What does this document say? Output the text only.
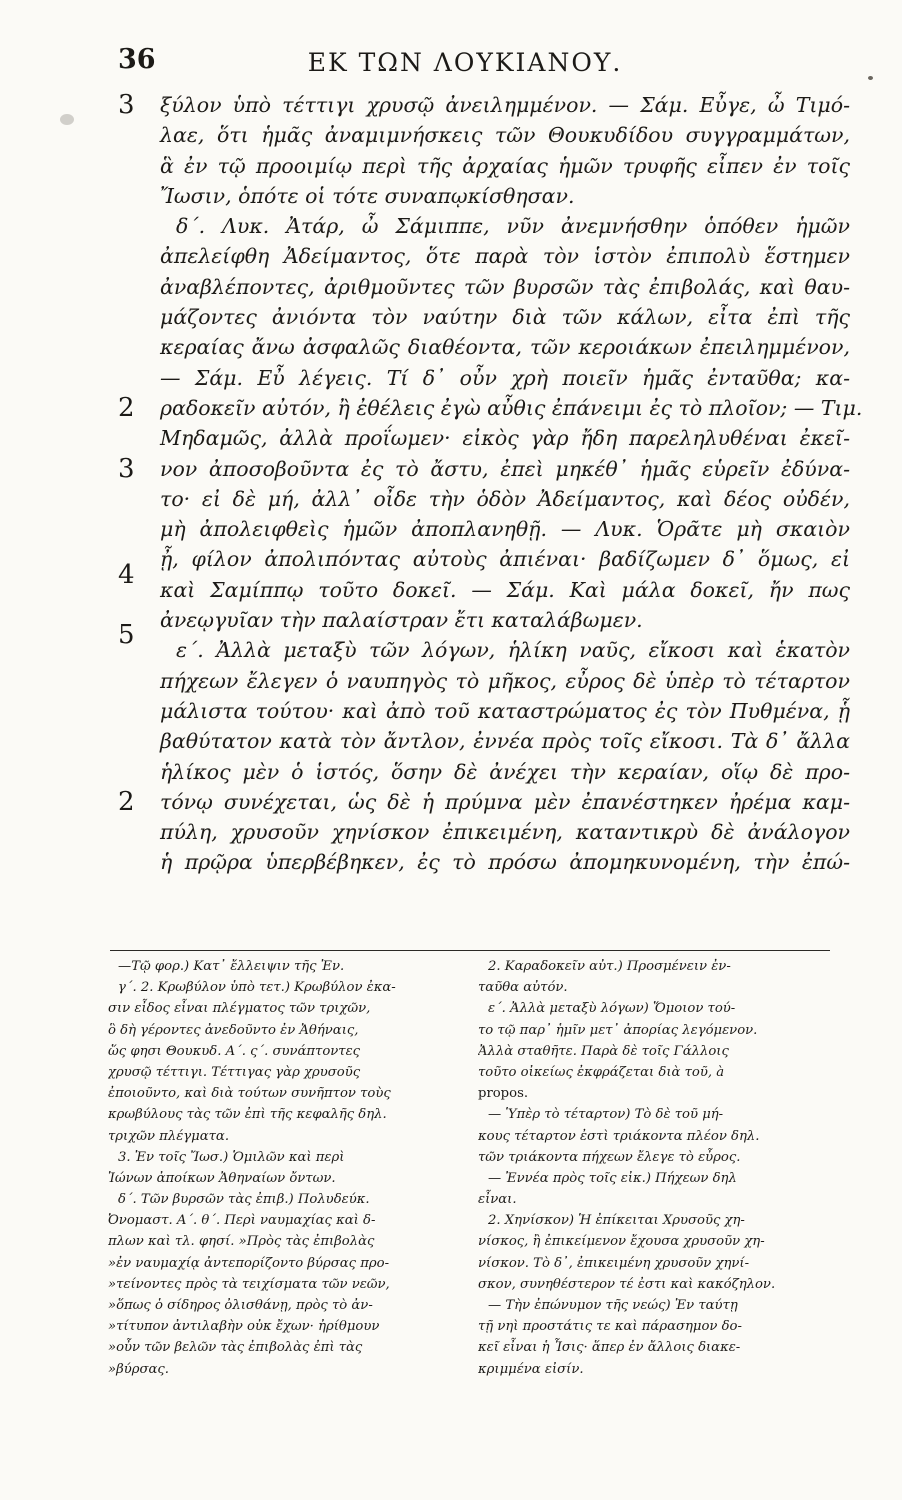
36	ΕΚ ΤΩΝ ΛΟΥΚΙΑΝΟΥ.
3
2
3
4
5
2
ξύλον ὑπὸ τέττιγι χρυσῷ ἀνειλημμένον. — Σάμ. Εὖγε, ὦ Τιμό-
λαε, ὅτι ἡμᾶς ἀναμιμνήσκεις τῶν Θουκυδίδου συγγραμμάτων,
ἃ ἐν τῷ προοιμίῳ περὶ τῆς ἀρχαίας ἡμῶν τρυφῆς εἶπεν ἐν τοῖς
Ἴωσιν, ὁπότε οἱ τότε συναπῳκίσθησαν.
δ΄. Λυκ. Ἀτάρ, ὦ Σάμιππε, νῦν ἀνεμνήσθην ὁπόθεν ἡμῶν
ἀπελείφθη Ἀδείμαντος, ὅτε παρὰ τὸν ἱστὸν ἐπιπολὺ ἕστημεν
ἀναβλέποντες, ἀριθμοῦντες τῶν βυρσῶν τὰς ἐπιβολάς, καὶ θαυ-
μάζοντες ἀνιόντα τὸν ναύτην διὰ τῶν κάλων, εἶτα ἐπὶ τῆς
κεραίας ἄνω ἀσφαλῶς διαθέοντα, τῶν κεροιάκων ἐπειλημμένον,
— Σάμ. Εὖ λέγεις. Τί δ᾽ οὖν χρὴ ποιεῖν ἡμᾶς ἐνταῦθα; κα-
ραδοκεῖν αὐτόν, ἢ ἐθέλεις ἐγὼ αὖθις ἐπάνειμι ἐς τὸ πλοῖον; — Τιμ.
Μηδαμῶς, ἀλλὰ προΐωμεν· εἰκὸς γὰρ ἤδη παρεληλυθέναι ἐκεῖ-
νον ἀποσοβοῦντα ἐς τὸ ἄστυ, ἐπεὶ μηκέθ᾽ ἡμᾶς εὑρεῖν ἐδύνα-
το· εἰ δὲ μή, ἀλλ᾽ οἶδε τὴν ὁδὸν Ἀδείμαντος, καὶ δέος οὐδέν,
μὴ ἀπολειφθεὶς ἡμῶν ἀποπλανηθῇ. — Λυκ. Ὁρᾶτε μὴ σκαιὸν
ᾖ, φίλον ἀπολιπόντας αὐτοὺς ἀπιέναι· βαδίζωμεν δ᾽ ὅμως, εἰ
καὶ Σαμίππῳ τοῦτο δοκεῖ. — Σάμ. Καὶ μάλα δοκεῖ, ἤν πως
ἀνεῳγυῖαν τὴν παλαίστραν ἔτι καταλάβωμεν.
ε΄. Ἀλλὰ μεταξὺ τῶν λόγων, ἡλίκη ναῦς, εἴκοσι καὶ ἑκατὸν
πήχεων ἔλεγεν ὁ ναυπηγὸς τὸ μῆκος, εὖρος δὲ ὑπὲρ τὸ τέταρτον
μάλιστα τούτου· καὶ ἀπὸ τοῦ καταστρώματος ἐς τὸν Πυθμένα, ᾗ
βαθύτατον κατὰ τὸν ἄντλον, ἐννέα πρὸς τοῖς εἴκοσι. Τὰ δ᾽ ἄλλα
ἡλίκος μὲν ὁ ἱστός, ὅσην δὲ ἀνέχει τὴν κεραίαν, οἵῳ δὲ προ-
τόνῳ συνέχεται, ὡς δὲ ἡ πρύμνα μὲν ἐπανέστηκεν ἠρέμα καμ-
πύλη, χρυσοῦν χηνίσκον ἐπικειμένη, καταντικρὺ δὲ ἀνάλογον
ἡ πρῷρα ὑπερβέβηκεν, ἐς τὸ πρόσω ἀπομηκυνομένη, τὴν ἐπώ-
—Τῷ φορ.) Κατ᾽ ἔλλειψιν τῆς Ἐν.
γ΄. 2. Κρωβύλον ὑπὸ τετ.) Κρωβύλον ἐκα-
σιν εἶδος εἶναι πλέγματος τῶν τριχῶν,
ὃ δὴ γέροντες ἀνεδοῦντο ἐν Ἀθήναις,
ὥς φησι Θουκυδ. Α΄. ς΄. συνάπτοντες
χρυσῷ τέττιγι. Τέττιγας γὰρ χρυσοῦς
ἐποιοῦντο, καὶ διὰ τούτων συνῆπτον τοὺς
κρωβύλους τὰς τῶν ἐπὶ τῆς κεφαλῆς δηλ.
τριχῶν πλέγματα.
3. Ἐν τοῖς Ἴωσ.) Ὁμιλῶν καὶ περὶ
Ἰώνων ἀποίκων Ἀθηναίων ὄντων.
δ΄. Τῶν βυρσῶν τὰς ἐπιβ.) Πολυδεύκ.
Ὀνομαστ. Α΄. θ΄. Περὶ ναυμαχίας καὶ δ-
πλων καὶ τλ. φησί. »Πρὸς τὰς ἐπιβολὰς
»ἐν ναυμαχίᾳ ἀντεπορίζοντο βύρσας προ-
»τείνοντες πρὸς τὰ τειχίσματα τῶν νεῶν,
»ὅπως ὁ σίδηρος ὀλισθάνῃ, πρὸς τὸ ἀν-
»τίτυπον ἀντιλαβὴν οὐκ ἔχων· ἠρίθμουν
»οὖν τῶν βελῶν τὰς ἐπιβολὰς ἐπὶ τὰς
»βύρσας.
2. Καραδοκεῖν αὐτ.) Προσμένειν ἐν-
ταῦθα αὐτόν.
ε΄. Ἀλλὰ μεταξὺ λόγων) Ὅμοιον τού-
το τῷ παρ᾽ ἡμῖν μετ᾽ ἀπορίας λεγόμενον.
Ἀλλὰ σταθῆτε. Παρὰ δὲ τοῖς Γάλλοις
τοῦτο οἰκείως ἐκφράζεται διὰ τοῦ, à
propos.
— Ὑπὲρ τὸ τέταρτον) Τὸ δὲ τοῦ μή-
κους τέταρτον ἐστὶ τριάκοντα πλέον δηλ.
τῶν τριάκοντα πήχεων ἔλεγε τὸ εὖρος.
— Ἐννέα πρὸς τοῖς εἰκ.) Πήχεων δηλ
εἶναι.
2. Χηνίσκον) Ἡ ἐπίκειται Χρυσοῦς χη-
νίσκος, ἢ ἐπικείμενον ἔχουσα χρυσοῦν χη-
νίσκον. Τὸ δ᾽, ἐπικειμένη χρυσοῦν χηνί-
σκον, συνηθέστερον τέ ἐστι καὶ κακόζηλον.
— Τὴν ἐπώνυμον τῆς νεώς) Ἐν ταύτῃ
τῇ νηὶ προστάτις τε καὶ πάρασημον δο-
κεῖ εἶναι ἡ Ἶσις· ἅπερ ἐν ἄλλοις διακε-
κριμμένα εἰσίν.
